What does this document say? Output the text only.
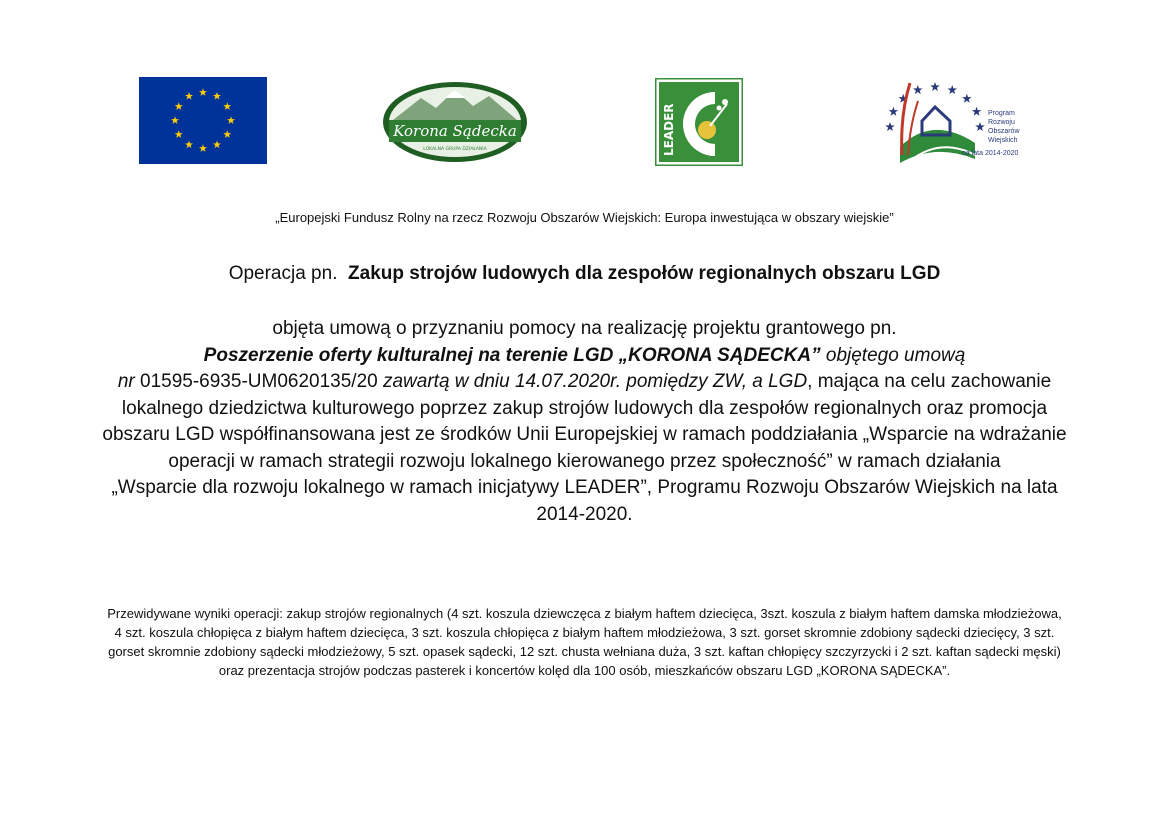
Korona Sądecka
LOKALNA GRUPA DZIAŁANIA	LEADER	Program
Rozwoju
Obszarów
Wiejskich
na lata 2014-2020
„Europejski Fundusz Rolny na rzecz Rozwoju Obszarów Wiejskich: Europa inwestująca w obszary wiejskie”
Operacja pn. Zakup strojów ludowych dla zespołów regionalnych obszaru LGD
objęta umową o przyznaniu pomocy na realizację projektu grantowego pn.
Poszerzenie oferty kulturalnej na terenie LGD „KORONA SĄDECKA” objętego umową
nr 01595-6935-UM0620135/20 zawartą w dniu 14.07.2020r. pomiędzy ZW, a LGD, mająca na celu zachowanie lokalnego dziedzictwa kulturowego poprzez zakup strojów ludowych dla zespołów regionalnych oraz promocja obszaru LGD współfinansowana jest ze środków Unii Europejskiej w ramach poddziałania „Wsparcie na wdrażanie operacji w ramach strategii rozwoju lokalnego kierowanego przez społeczność” w ramach działania
„Wsparcie dla rozwoju lokalnego w ramach inicjatywy LEADER”, Programu Rozwoju Obszarów Wiejskich na lata 2014-2020.
Przewidywane wyniki operacji: zakup strojów regionalnych (4 szt. koszula dziewczęca z białym haftem dziecięca, 3szt. koszula z białym haftem damska młodzieżowa, 4 szt. koszula chłopięca z białym haftem dziecięca, 3 szt. koszula chłopięca z białym haftem młodzieżowa, 3 szt. gorset skromnie zdobiony sądecki dziecięcy, 3 szt. gorset skromnie zdobiony sądecki młodzieżowy, 5 szt. opasek sądecki, 12 szt. chusta wełniana duża, 3 szt. kaftan chłopięcy szczyrzycki i 2 szt. kaftan sądecki męski) oraz prezentacja strojów podczas pasterek i koncertów kolęd dla 100 osób, mieszkańców obszaru LGD „KORONA SĄDECKA”.
